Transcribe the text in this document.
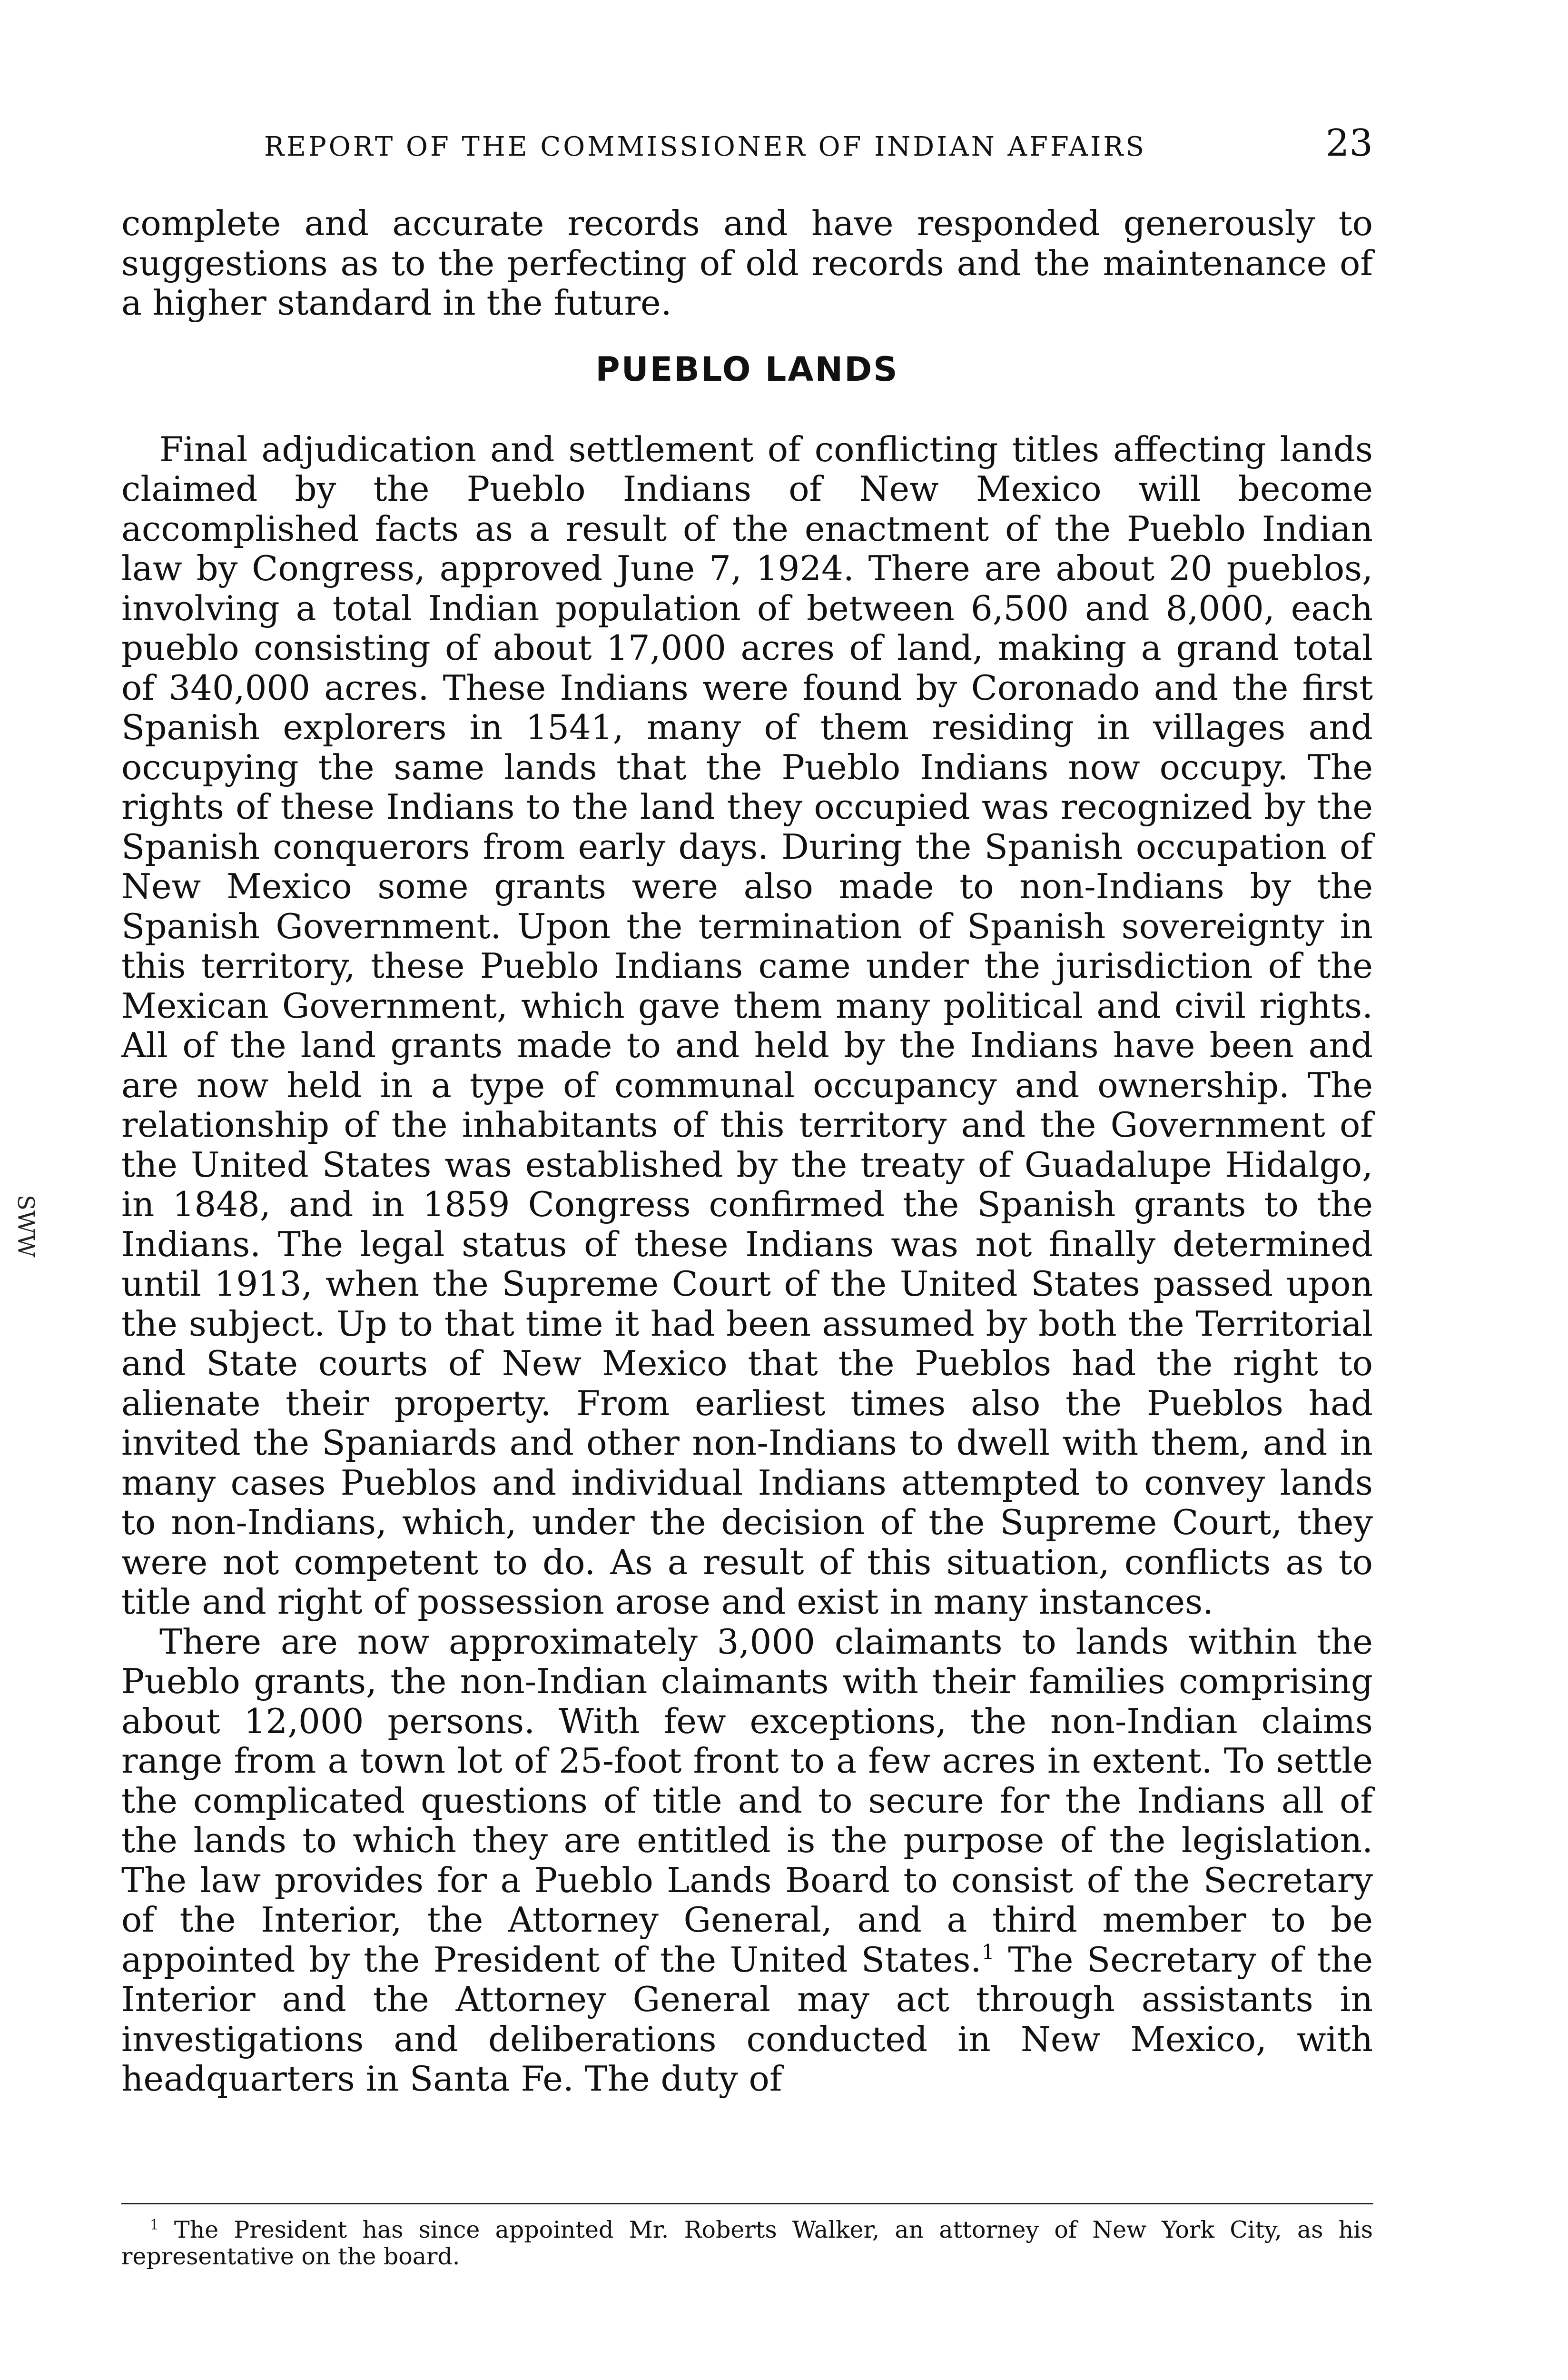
REPORT OF THE COMMISSIONER OF INDIAN AFFAIRS	23
SWW

complete and accurate records and have responded generously to suggestions as to the perfecting of old records and the maintenance of a higher standard in the future.

PUEBLO LANDS

Final adjudication and settlement of conflicting titles affecting lands claimed by the Pueblo Indians of New Mexico will become accomplished facts as a result of the enactment of the Pueblo Indian law by Congress, approved June 7, 1924. There are about 20 pueblos, involving a total Indian population of between 6,500 and 8,000, each pueblo consisting of about 17,000 acres of land, making a grand total of 340,000 acres. These Indians were found by Coronado and the first Spanish explorers in 1541, many of them residing in villages and occupying the same lands that the Pueblo Indians now occupy. The rights of these Indians to the land they occupied was recognized by the Spanish conquerors from early days. During the Spanish occupation of New Mexico some grants were also made to non-Indians by the Spanish Government. Upon the termination of Spanish sovereignty in this territory, these Pueblo Indians came under the jurisdiction of the Mexican Government, which gave them many political and civil rights. All of the land grants made to and held by the Indians have been and are now held in a type of communal occupancy and ownership. The relationship of the inhabitants of this territory and the Government of the United States was established by the treaty of Guadalupe Hidalgo, in 1848, and in 1859 Congress confirmed the Spanish grants to the Indians. The legal status of these Indians was not finally determined until 1913, when the Supreme Court of the United States passed upon the subject. Up to that time it had been assumed by both the Territorial and State courts of New Mexico that the Pueblos had the right to alienate their property. From earliest times also the Pueblos had invited the Spaniards and other non-Indians to dwell with them, and in many cases Pueblos and individual Indians attempted to convey lands to non-Indians, which, under the decision of the Supreme Court, they were not competent to do. As a result of this situation, conflicts as to title and right of possession arose and exist in many instances.

There are now approximately 3,000 claimants to lands within the Pueblo grants, the non-Indian claimants with their families comprising about 12,000 persons. With few exceptions, the non-Indian claims range from a town lot of 25-foot front to a few acres in extent. To settle the complicated questions of title and to secure for the Indians all of the lands to which they are entitled is the purpose of the legislation. The law provides for a Pueblo Lands Board to consist of the Secretary of the Interior, the Attorney General, and a third member to be appointed by the President of the United States.$^1$ The Secretary of the Interior and the Attorney General may act through assistants in investigations and deliberations conducted in New Mexico, with headquarters in Santa Fe. The duty of

$^1$ The President has since appointed Mr. Roberts Walker, an attorney of New York City, as his representative on the board.
